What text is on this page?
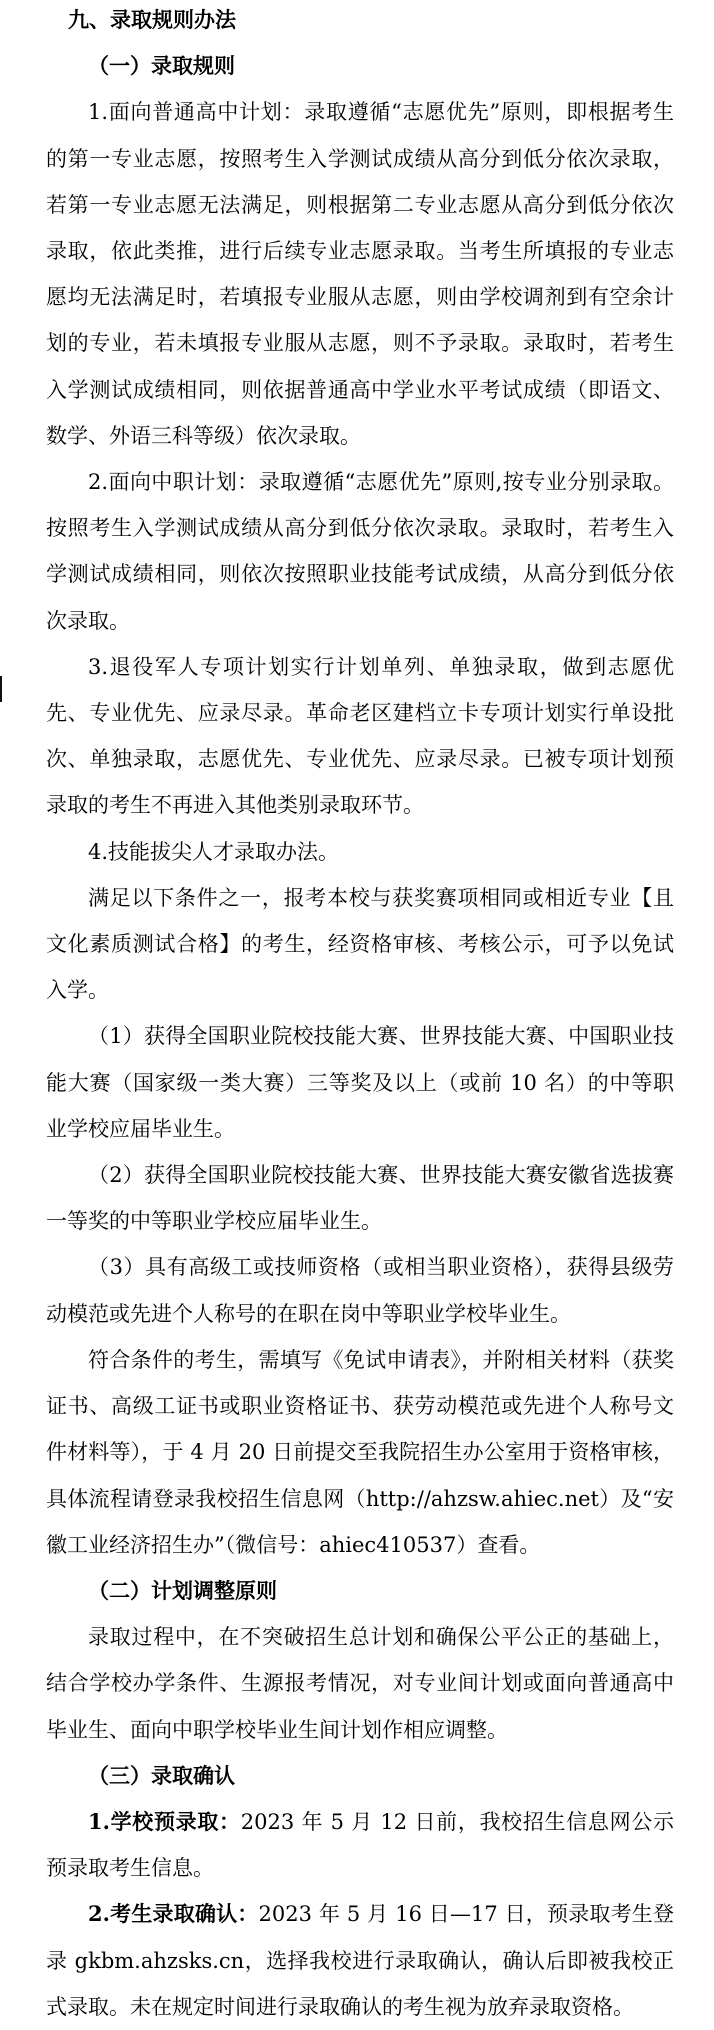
九、录取规则办法

（一）录取规则

1.面向普通高中计划：录取遵循“志愿优先”原则，即根据考生的第一专业志愿，按照考生入学测试成绩从高分到低分依次录取，若第一专业志愿无法满足，则根据第二专业志愿从高分到低分依次录取，依此类推，进行后续专业志愿录取。当考生所填报的专业志愿均无法满足时，若填报专业服从志愿，则由学校调剂到有空余计划的专业，若未填报专业服从志愿，则不予录取。录取时，若考生入学测试成绩相同，则依据普通高中学业水平考试成绩（即语文、数学、外语三科等级）依次录取。

2.面向中职计划：录取遵循“志愿优先”原则,按专业分别录取。按照考生入学测试成绩从高分到低分依次录取。录取时，若考生入学测试成绩相同，则依次按照职业技能考试成绩，从高分到低分依次录取。

3.退役军人专项计划实行计划单列、单独录取，做到志愿优先、专业优先、应录尽录。革命老区建档立卡专项计划实行单设批次、单独录取，志愿优先、专业优先、应录尽录。已被专项计划预录取的考生不再进入其他类别录取环节。

4.技能拔尖人才录取办法。

满足以下条件之一，报考本校与获奖赛项相同或相近专业【且文化素质测试合格】的考生，经资格审核、考核公示，可予以免试入学。

（1）获得全国职业院校技能大赛、世界技能大赛、中国职业技能大赛（国家级一类大赛）三等奖及以上（或前 10 名）的中等职业学校应届毕业生。

（2）获得全国职业院校技能大赛、世界技能大赛安徽省选拔赛一等奖的中等职业学校应届毕业生。

（3）具有高级工或技师资格（或相当职业资格），获得县级劳动模范或先进个人称号的在职在岗中等职业学校毕业生。

符合条件的考生，需填写《免试申请表》，并附相关材料（获奖证书、高级工证书或职业资格证书、获劳动模范或先进个人称号文件材料等），于 4 月 20 日前提交至我院招生办公室用于资格审核，具体流程请登录我校招生信息网（http://ahzsw.ahiec.net）及“安徽工业经济招生办”（微信号：ahiec410537）查看。

（二）计划调整原则

录取过程中，在不突破招生总计划和确保公平公正的基础上，结合学校办学条件、生源报考情况，对专业间计划或面向普通高中毕业生、面向中职学校毕业生间计划作相应调整。

（三）录取确认

1.学校预录取：2023 年 5 月 12 日前，我校招生信息网公示预录取考生信息。

2.考生录取确认：2023 年 5 月 16 日—17 日，预录取考生登录 gkbm.ahzsks.cn，选择我校进行录取确认，确认后即被我校正式录取。未在规定时间进行录取确认的考生视为放弃录取资格。
